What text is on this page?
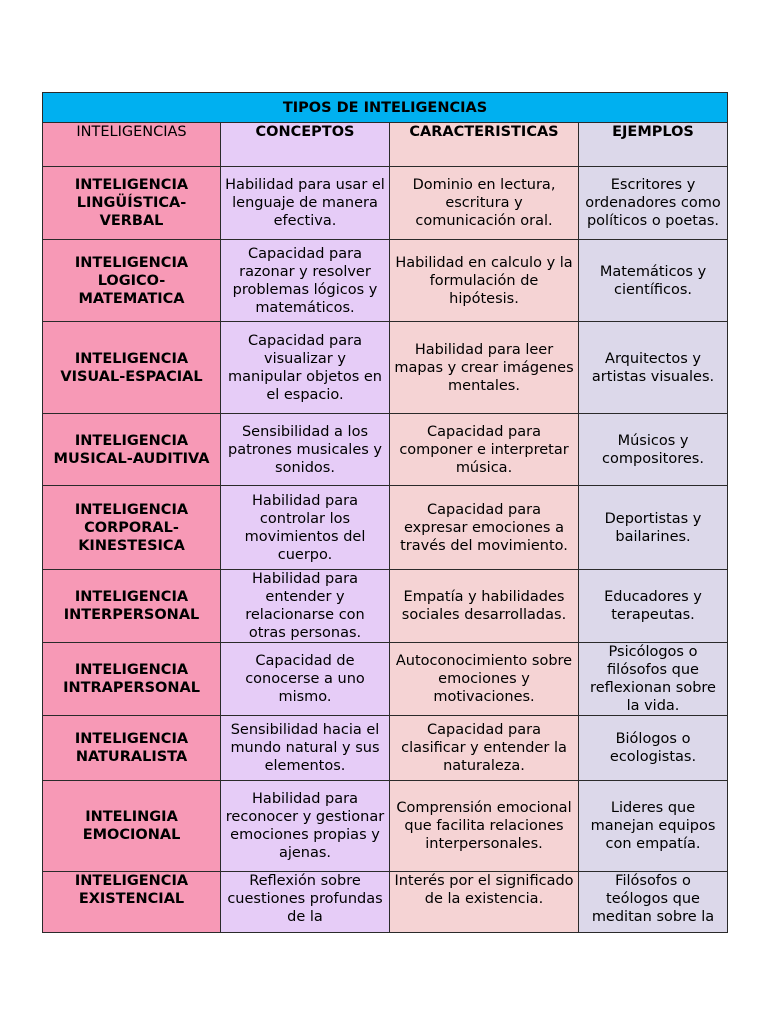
TIPOS DE INTELIGENCIAS			
INTELIGENCIAS	CONCEPTOS	CARACTERISTICAS	EJEMPLOS
INTELIGENCIA LINGÜÍSTICA-VERBAL	Habilidad para usar el lenguaje de manera efectiva.	Dominio en lectura, escritura y comunicación oral.	Escritores y ordenadores como políticos o poetas.
INTELIGENCIA LOGICO-MATEMATICA	Capacidad para razonar y resolver problemas lógicos y matemáticos.	Habilidad en calculo y la formulación de hipótesis.	Matemáticos y científicos.
INTELIGENCIA VISUAL-ESPACIAL	Capacidad para visualizar y manipular objetos en el espacio.	Habilidad para leer mapas y crear imágenes mentales.	Arquitectos y artistas visuales.
INTELIGENCIA MUSICAL-AUDITIVA	Sensibilidad a los patrones musicales y sonidos.	Capacidad para componer e interpretar música.	Músicos y compositores.
INTELIGENCIA CORPORAL-KINESTESICA	Habilidad para controlar los movimientos del cuerpo.	Capacidad para expresar emociones a través del movimiento.	Deportistas y bailarines.
INTELIGENCIA INTERPERSONAL	Habilidad para entender y relacionarse con otras personas.	Empatía y habilidades sociales desarrolladas.	Educadores y terapeutas.
INTELIGENCIA INTRAPERSONAL	Capacidad de conocerse a uno mismo.	Autoconocimiento sobre emociones y motivaciones.	Psicólogos o filósofos que reflexionan sobre la vida.
INTELIGENCIA NATURALISTA	Sensibilidad hacia el mundo natural y sus elementos.	Capacidad para clasificar y entender la naturaleza.	Biólogos o ecologistas.
INTELINGIA EMOCIONAL	Habilidad para reconocer y gestionar emociones propias y ajenas.	Comprensión emocional que facilita relaciones interpersonales.	Lideres que manejan equipos con empatía.
INTELIGENCIA EXISTENCIAL	Reflexión sobre cuestiones profundas de la	Interés por el significado de la existencia.	Filósofos o teólogos que meditan sobre la
